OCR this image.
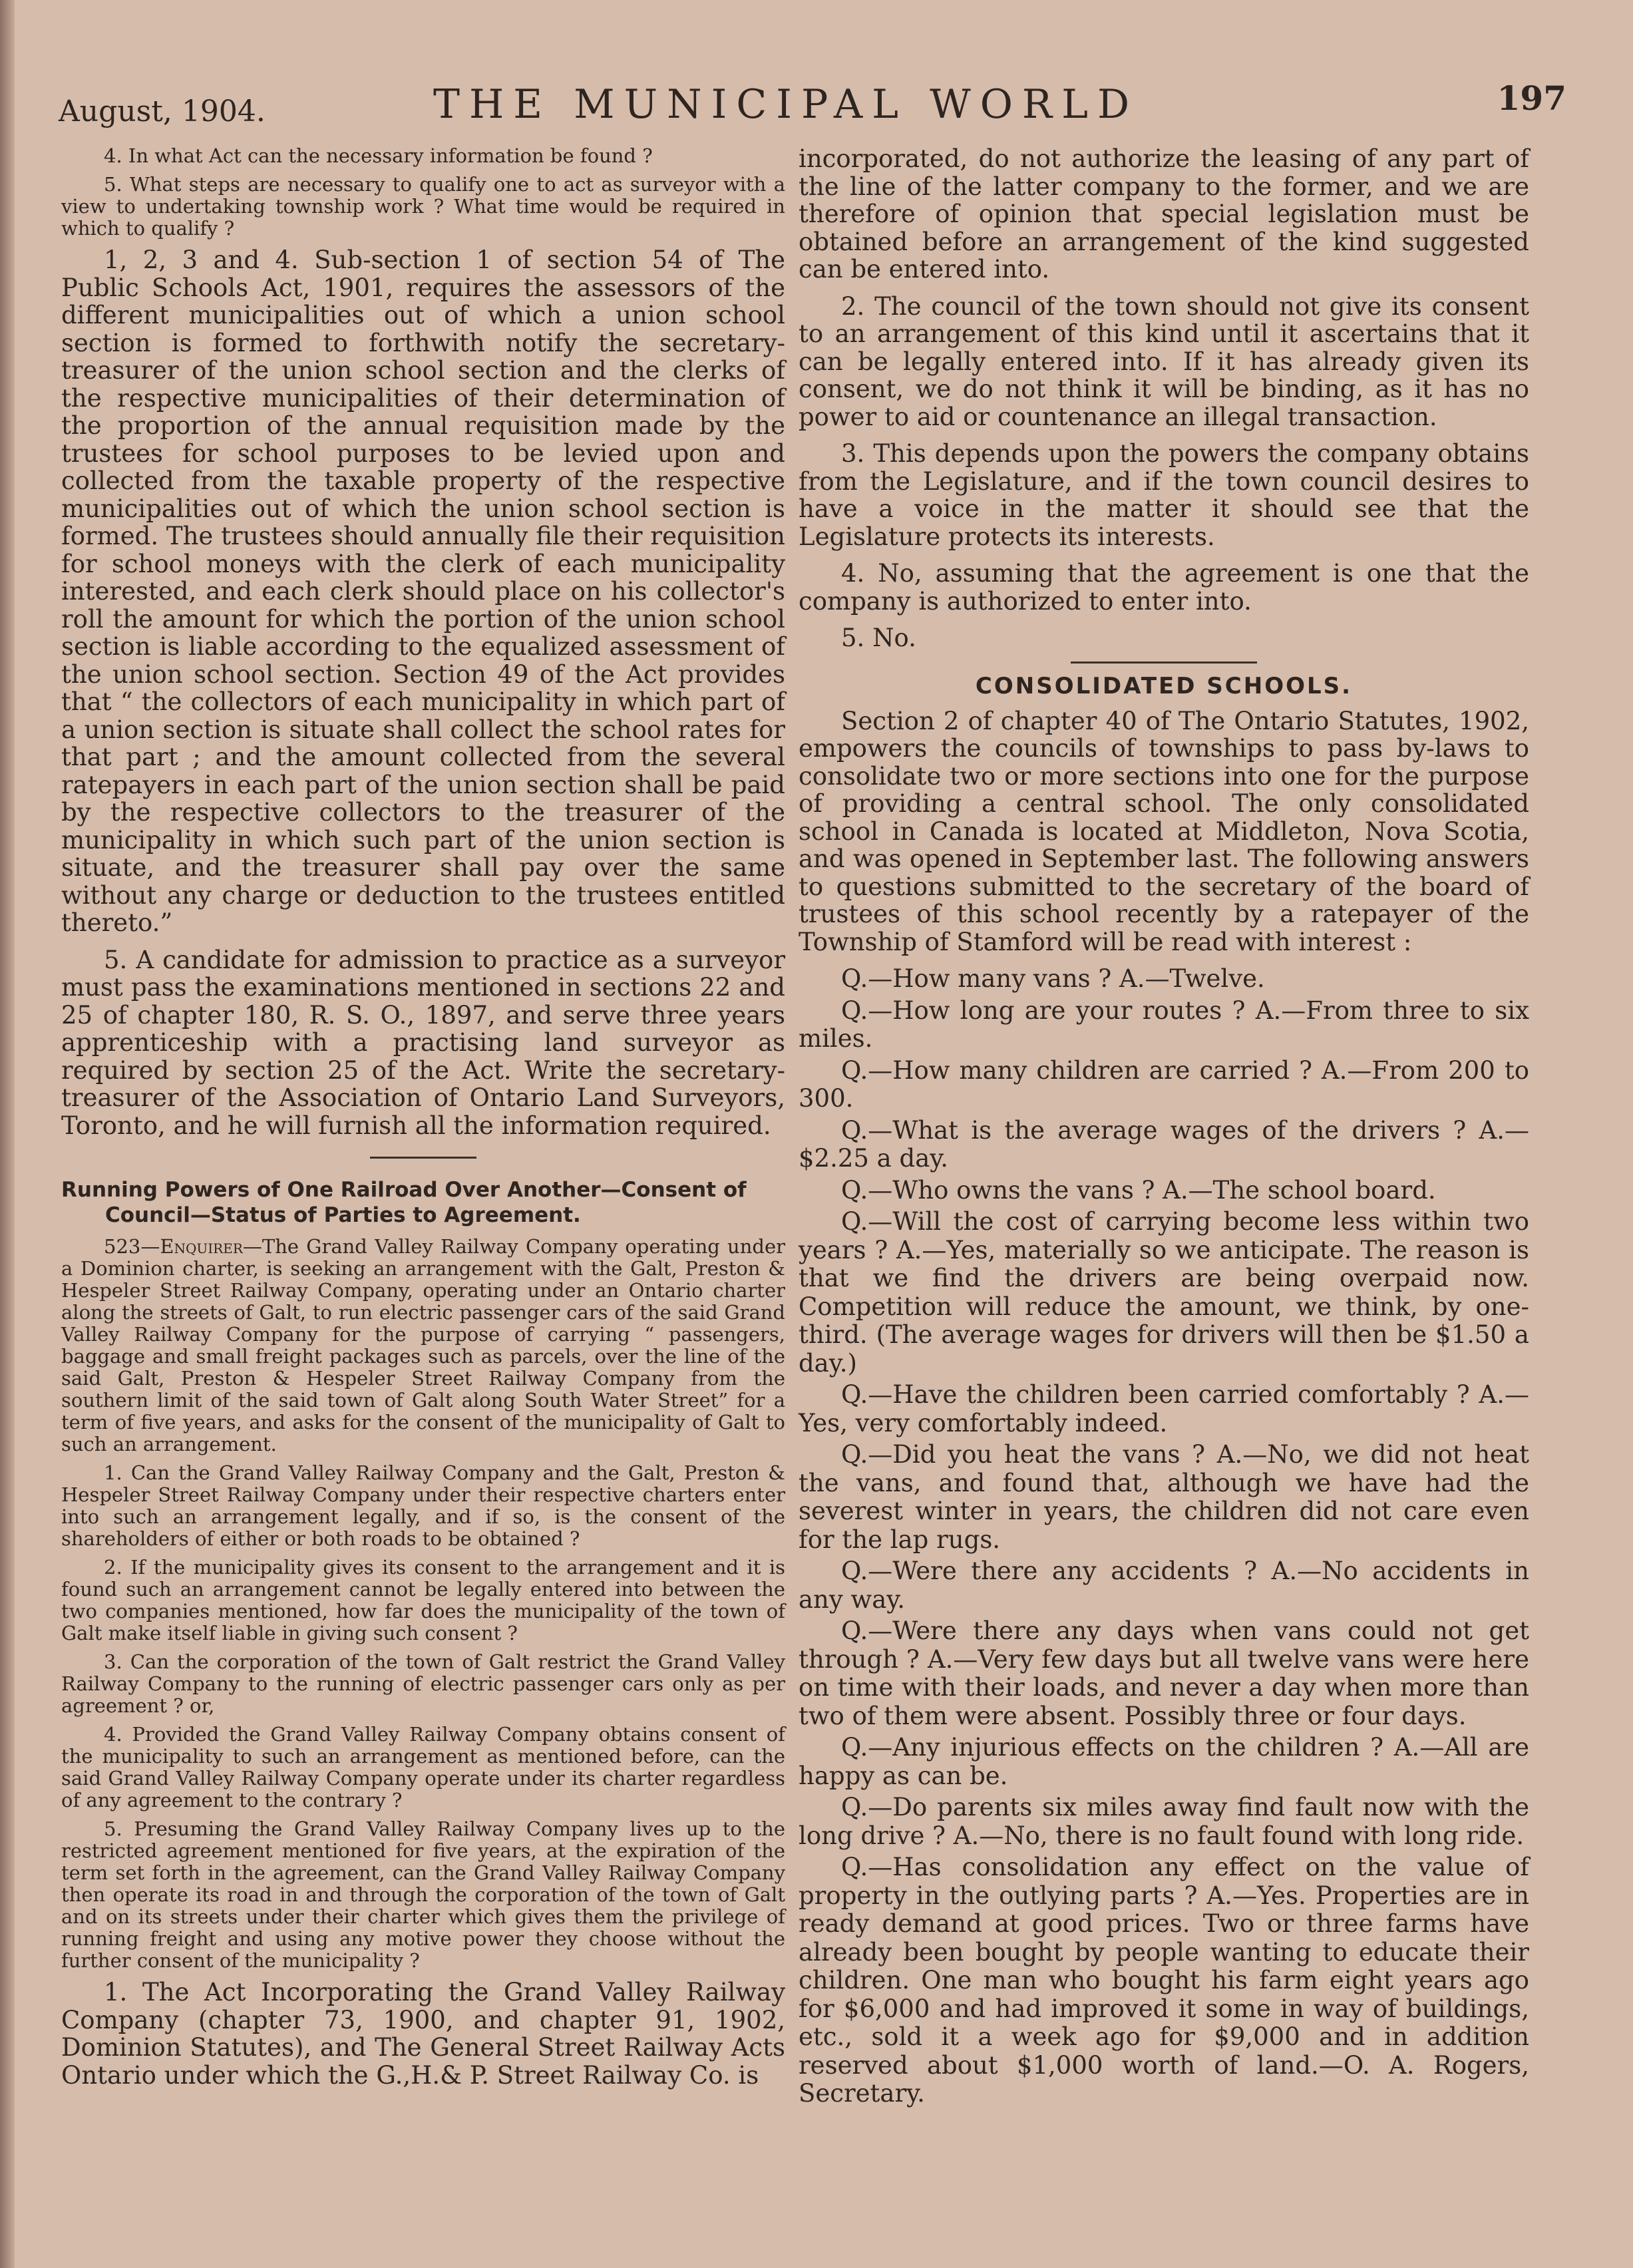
August, 1904.	THE MUNICIPAL WORLD	197

4. In what Act can the necessary information be found ?

5. What steps are necessary to qualify one to act as surveyor with a view to undertaking township work ? What time would be required in which to qualify ?

1, 2, 3 and 4. Sub-section 1 of section 54 of The Public Schools Act, 1901, requires the assessors of the different municipalities out of which a union school section is formed to forthwith notify the secretary-treasurer of the union school section and the clerks of the respective municipalities of their determination of the proportion of the annual requisition made by the trustees for school purposes to be levied upon and collected from the taxable property of the respective municipalities out of which the union school section is formed. The trustees should annually file their requisition for school moneys with the clerk of each municipality interested, and each clerk should place on his collector's roll the amount for which the portion of the union school section is liable according to the equalized assessment of the union school section. Section 49 of the Act provides that “ the collectors of each municipality in which part of a union section is situate shall collect the school rates for that part ; and the amount collected from the several ratepayers in each part of the union section shall be paid by the respective collectors to the treasurer of the municipality in which such part of the union section is situate, and the treasurer shall pay over the same without any charge or deduction to the trustees entitled thereto.”

5. A candidate for admission to practice as a surveyor must pass the examinations mentioned in sections 22 and 25 of chapter 180, R. S. O., 1897, and serve three years apprenticeship with a practising land surveyor as required by section 25 of the Act. Write the secretary-treasurer of the Association of Ontario Land Surveyors, Toronto, and he will furnish all the information required.

Running Powers of One Railroad Over Another—Consent of
Council—Status of Parties to Agreement.

523—Enquirer—The Grand Valley Railway Company operating under a Dominion charter, is seeking an arrangement with the Galt, Preston & Hespeler Street Railway Company, operating under an Ontario charter along the streets of Galt, to run electric passenger cars of the said Grand Valley Railway Company for the purpose of carrying “ passengers, baggage and small freight packages such as parcels, over the line of the said Galt, Preston & Hespeler Street Railway Company from the southern limit of the said town of Galt along South Water Street” for a term of five years, and asks for the consent of the municipality of Galt to such an arrangement.

1. Can the Grand Valley Railway Company and the Galt, Preston & Hespeler Street Railway Company under their respective charters enter into such an arrangement legally, and if so, is the consent of the shareholders of either or both roads to be obtained ?

2. If the municipality gives its consent to the arrangement and it is found such an arrangement cannot be legally entered into between the two companies mentioned, how far does the municipality of the town of Galt make itself liable in giving such consent ?

3. Can the corporation of the town of Galt restrict the Grand Valley Railway Company to the running of electric passenger cars only as per agreement ? or,

4. Provided the Grand Valley Railway Company obtains consent of the municipality to such an arrangement as mentioned before, can the said Grand Valley Railway Company operate under its charter regardless of any agreement to the contrary ?

5. Presuming the Grand Valley Railway Company lives up to the restricted agreement mentioned for five years, at the expiration of the term set forth in the agreement, can the Grand Valley Railway Company then operate its road in and through the corporation of the town of Galt and on its streets under their charter which gives them the privilege of running freight and using any motive power they choose without the further consent of the municipality ?

1. The Act Incorporating the Grand Valley Railway Company (chapter 73, 1900, and chapter 91, 1902, Dominion Statutes), and The General Street Railway Acts Ontario under which the G.,H.& P. Street Railway Co. is

incorporated, do not authorize the leasing of any part of the line of the latter company to the former, and we are therefore of opinion that special legislation must be obtained before an arrangement of the kind suggested can be entered into.

2. The council of the town should not give its consent to an arrangement of this kind until it ascertains that it can be legally entered into. If it has already given its consent, we do not think it will be binding, as it has no power to aid or countenance an illegal transaction.

3. This depends upon the powers the company obtains from the Legislature, and if the town council desires to have a voice in the matter it should see that the Legislature protects its interests.

4. No, assuming that the agreement is one that the company is authorized to enter into.

5. No.

CONSOLIDATED SCHOOLS.

Section 2 of chapter 40 of The Ontario Statutes, 1902, empowers the councils of townships to pass by-laws to consolidate two or more sections into one for the purpose of providing a central school. The only consolidated school in Canada is located at Middleton, Nova Scotia, and was opened in September last. The following answers to questions submitted to the secretary of the board of trustees of this school recently by a ratepayer of the Township of Stamford will be read with interest :

Q.—How many vans ? A.—Twelve.

Q.—How long are your routes ? A.—From three to six miles.

Q.—How many children are carried ? A.—From 200 to 300.

Q.—What is the average wages of the drivers ? A.—$2.25 a day.

Q.—Who owns the vans ? A.—The school board.

Q.—Will the cost of carrying become less within two years ? A.—Yes, materially so we anticipate. The reason is that we find the drivers are being overpaid now. Competition will reduce the amount, we think, by one-third. (The average wages for drivers will then be $1.50 a day.)

Q.—Have the children been carried comfortably ? A.—Yes, very comfortably indeed.

Q.—Did you heat the vans ? A.—No, we did not heat the vans, and found that, although we have had the severest winter in years, the children did not care even for the lap rugs.

Q.—Were there any accidents ? A.—No accidents in any way.

Q.—Were there any days when vans could not get through ? A.—Very few days but all twelve vans were here on time with their loads, and never a day when more than two of them were absent. Possibly three or four days.

Q.—Any injurious effects on the children ? A.—All are happy as can be.

Q.—Do parents six miles away find fault now with the long drive ? A.—No, there is no fault found with long ride.

Q.—Has consolidation any effect on the value of property in the outlying parts ? A.—Yes. Properties are in ready demand at good prices. Two or three farms have already been bought by people wanting to educate their children. One man who bought his farm eight years ago for $6,000 and had improved it some in way of buildings, etc., sold it a week ago for $9,000 and in addition reserved about $1,000 worth of land.—O. A. Rogers, Secretary.
